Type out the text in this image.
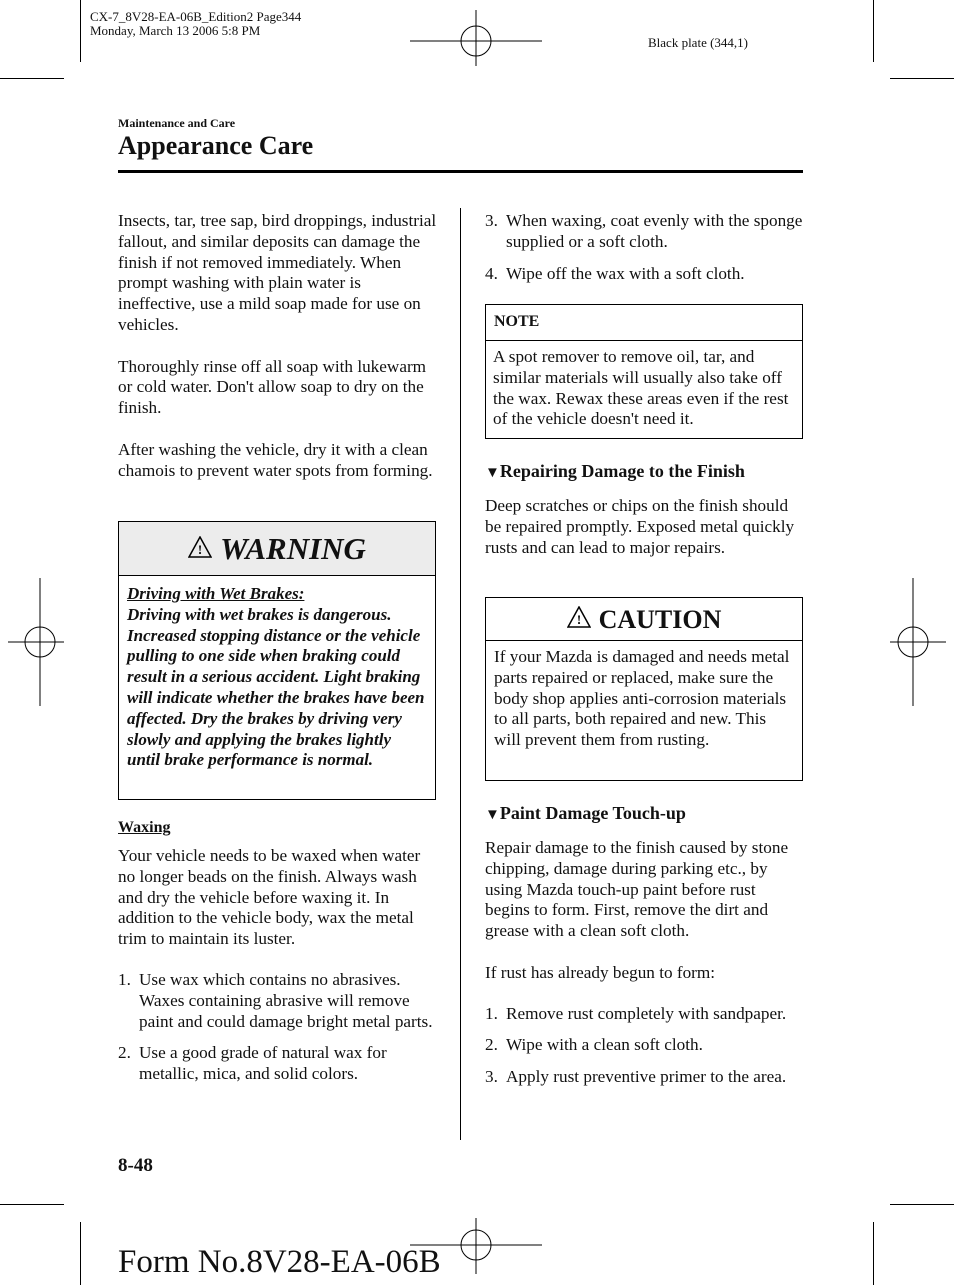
CX-7_8V28-EA-06B_Edition2 Page344
Monday, March 13 2006 5:8 PM
Black plate (344,1)
Maintenance and Care
Appearance Care

Insects, tar, tree sap, bird droppings, industrial fallout, and similar deposits can damage the finish if not removed immediately. When prompt washing with plain water is ineffective, use a mild soap made for use on vehicles.

Thoroughly rinse off all soap with lukewarm or cold water. Don't allow soap to dry on the finish.

After washing the vehicle, dry it with a clean chamois to prevent water spots from forming.

! WARNING

Driving with Wet Brakes:

Driving with wet brakes is dangerous. Increased stopping distance or the vehicle pulling to one side when braking could result in a serious accident. Light braking will indicate whether the brakes have been affected. Dry the brakes by driving very slowly and applying the brakes lightly until brake performance is normal.

Waxing

Your vehicle needs to be waxed when water no longer beads on the finish. Always wash and dry the vehicle before waxing it. In addition to the vehicle body, wax the metal trim to maintain its luster.

1. Use wax which contains no abrasives. Waxes containing abrasive will remove paint and could damage bright metal parts.
2. Use a good grade of natural wax for metallic, mica, and solid colors.
3. When waxing, coat evenly with the sponge supplied or a soft cloth.
4. Wipe off the wax with a soft cloth.
NOTE

A spot remover to remove oil, tar, and similar materials will usually also take off the wax. Rewax these areas even if the rest of the vehicle doesn't need it.

▼Repairing Damage to the Finish

Deep scratches or chips on the finish should be repaired promptly. Exposed metal quickly rusts and can lead to major repairs.

! CAUTION

If your Mazda is damaged and needs metal parts repaired or replaced, make sure the body shop applies anti-corrosion materials to all parts, both repaired and new. This will prevent them from rusting.

▼Paint Damage Touch-up

Repair damage to the finish caused by stone chipping, damage during parking etc., by using Mazda touch-up paint before rust begins to form. First, remove the dirt and grease with a clean soft cloth.

If rust has already begun to form:

1. Remove rust completely with sandpaper.
2. Wipe with a clean soft cloth.
3. Apply rust preventive primer to the area.
8-48
Form No.8V28-EA-06B
